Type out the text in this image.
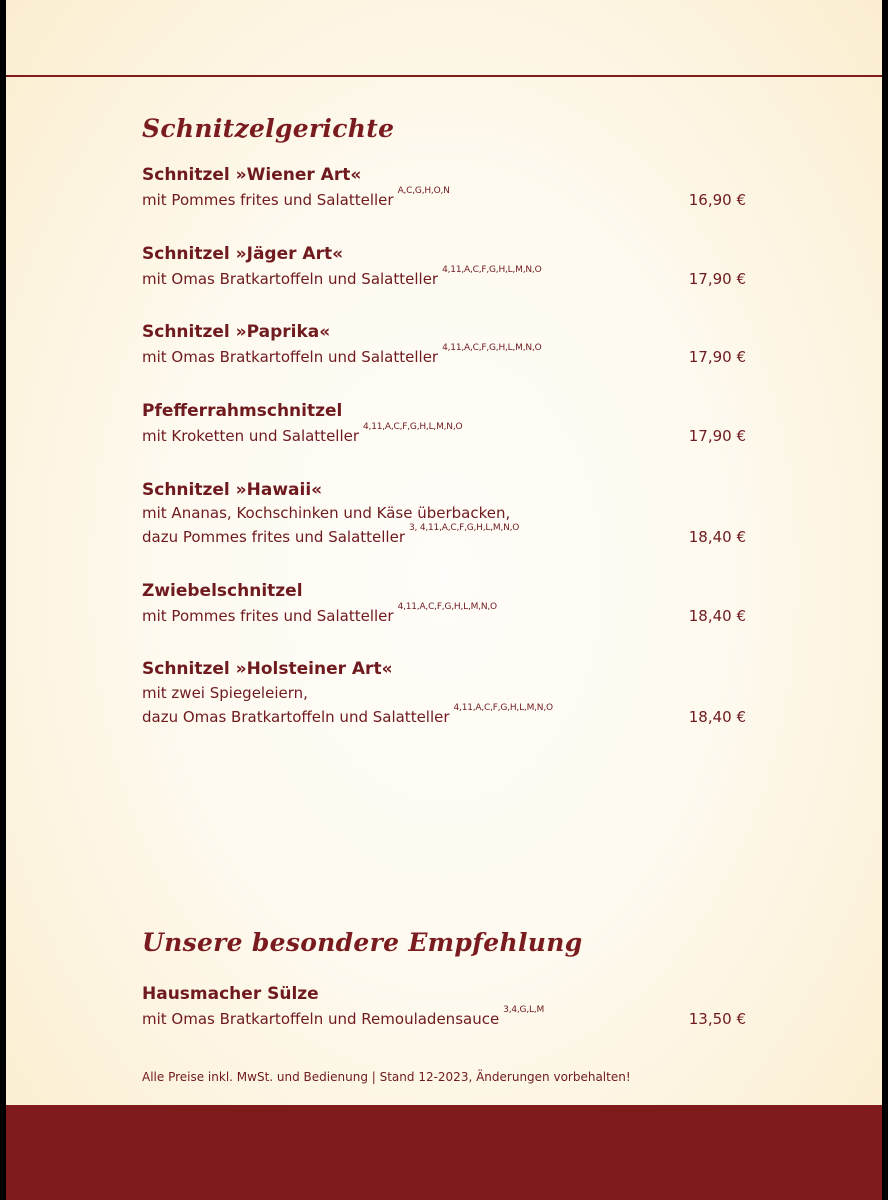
Schnitzelgerichte
Schnitzel »Wiener Art«
mit Pommes frites und Salatteller $^{A,C,G,H,O,N}$	16,90 €
Schnitzel »Jäger Art«
mit Omas Bratkartoffeln und Salatteller $^{4,11,A,C,F,G,H,L,M,N,O}$	17,90 €
Schnitzel »Paprika«
mit Omas Bratkartoffeln und Salatteller $^{4,11,A,C,F,G,H,L,M,N,O}$	17,90 €
Pfefferrahmschnitzel
mit Kroketten und Salatteller $^{4,11,A,C,F,G,H,L,M,N,O}$	17,90 €
Schnitzel »Hawaii«
mit Ananas, Kochschinken und Käse überbacken,
dazu Pommes frites und Salatteller $^{3, 4,11,A,C,F,G,H,L,M,N,O}$	18,40 €
Zwiebelschnitzel
mit Pommes frites und Salatteller $^{4,11,A,C,F,G,H,L,M,N,O}$	18,40 €
Schnitzel »Holsteiner Art«
mit zwei Spiegeleiern,
dazu Omas Bratkartoffeln und Salatteller $^{4,11,A,C,F,G,H,L,M,N,O}$	18,40 €
Unsere besondere Empfehlung
Hausmacher Sülze
mit Omas Bratkartoffeln und Remouladensauce $^{3,4,G,L,M}$	13,50 €
Alle Preise inkl. MwSt. und Bedienung | Stand 12-2023, Änderungen vorbehalten!
